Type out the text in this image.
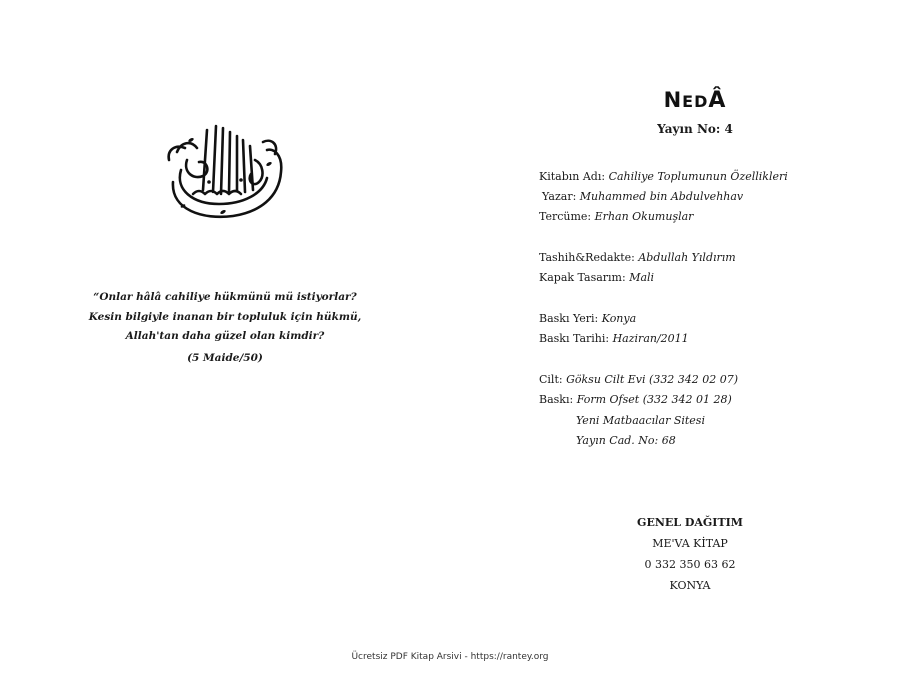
“Onlar hâlâ cahiliye hükmünü mü istiyorlar?
Kesin bilgiyle inanan bir topluluk için hükmü,
Allah'tan daha güzel olan kimdir?
(5 Maide/50)
NEDÂ
Yayın No: 4
Kitabın Adı: Cahiliye Toplumunun Özellikleri
Yazar: Muhammed bin Abdulvehhav
Tercüme: Erhan Okumuşlar
Tashih&Redakte: Abdullah Yıldırım
Kapak Tasarım: Mali
Baskı Yeri: Konya
Baskı Tarihi: Haziran/2011
Cilt: Göksu Cilt Evi (332 342 02 07)
Baskı: Form Ofset (332 342 01 28)
Yeni Matbaacılar Sitesi
Yayın Cad. No: 68
GENEL DAĞITIM
ME'VA KİTAP
0 332 350 63 62
KONYA
Ücretsiz PDF Kitap Arsivi - https://rantey.org
